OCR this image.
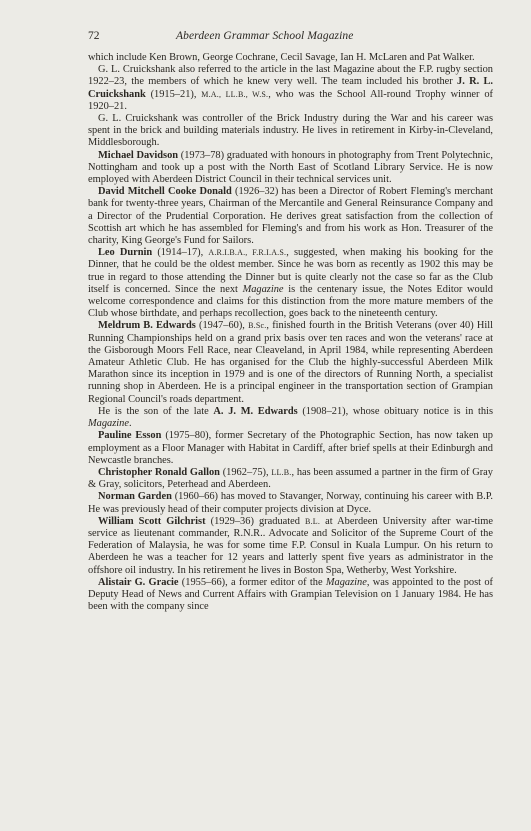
72	Aberdeen Grammar School Magazine

which include Ken Brown, George Cochrane, Cecil Savage, Ian H. McLaren and Pat Walker.

G. L. Cruickshank also referred to the article in the last Magazine about the F.P. rugby section 1922–23, the members of which he knew very well. The team included his brother J. R. L. Cruickshank (1915–21), M.A., LL.B., W.S., who was the School All-round Trophy winner of 1920–21.

G. L. Cruickshank was controller of the Brick Industry during the War and his career was spent in the brick and building materials industry. He lives in retirement in Kirby-in-Cleveland, Middlesborough.

Michael Davidson (1973–78) graduated with honours in photography from Trent Polytechnic, Nottingham and took up a post with the North East of Scotland Library Service. He is now employed with Aberdeen District Council in their technical services unit.

David Mitchell Cooke Donald (1926–32) has been a Director of Robert Fleming's merchant bank for twenty-three years, Chairman of the Mercantile and General Reinsurance Company and a Director of the Prudential Corporation. He derives great satisfaction from the collection of Scottish art which he has assembled for Fleming's and from his work as Hon. Treasurer of the charity, King George's Fund for Sailors.

Leo Durnin (1914–17), A.R.I.B.A., F.R.I.A.S., suggested, when making his booking for the Dinner, that he could be the oldest member. Since he was born as recently as 1902 this may be true in regard to those attending the Dinner but is quite clearly not the case so far as the Club itself is concerned. Since the next Magazine is the centenary issue, the Notes Editor would welcome correspondence and claims for this distinction from the more mature members of the Club whose birthdate, and perhaps recollection, goes back to the nineteenth century.

Meldrum B. Edwards (1947–60), B.Sc., finished fourth in the British Veterans (over 40) Hill Running Championships held on a grand prix basis over ten races and won the veterans' race at the Gisborough Moors Fell Race, near Cleaveland, in April 1984, while representing Aberdeen Amateur Athletic Club. He has organised for the Club the highly-successful Aberdeen Milk Marathon since its inception in 1979 and is one of the directors of Running North, a specialist running shop in Aberdeen. He is a principal engineer in the transportation section of Grampian Regional Council's roads department.

He is the son of the late A. J. M. Edwards (1908–21), whose obituary notice is in this Magazine.

Pauline Esson (1975–80), former Secretary of the Photographic Section, has now taken up employment as a Floor Manager with Habitat in Cardiff, after brief spells at their Edinburgh and Newcastle branches.

Christopher Ronald Gallon (1962–75), LL.B., has been assumed a partner in the firm of Gray & Gray, solicitors, Peterhead and Aberdeen.

Norman Garden (1960–66) has moved to Stavanger, Norway, continuing his career with B.P. He was previously head of their computer projects division at Dyce.

William Scott Gilchrist (1929–36) graduated B.L. at Aberdeen University after war-time service as lieutenant commander, R.N.R.. Advocate and Solicitor of the Supreme Court of the Federation of Malaysia, he was for some time F.P. Consul in Kuala Lumpur. On his return to Aberdeen he was a teacher for 12 years and latterly spent five years as administrator in the offshore oil industry. In his retirement he lives in Boston Spa, Wetherby, West Yorkshire.

Alistair G. Gracie (1955–66), a former editor of the Magazine, was appointed to the post of Deputy Head of News and Current Affairs with Grampian Television on 1 January 1984. He has been with the company since
